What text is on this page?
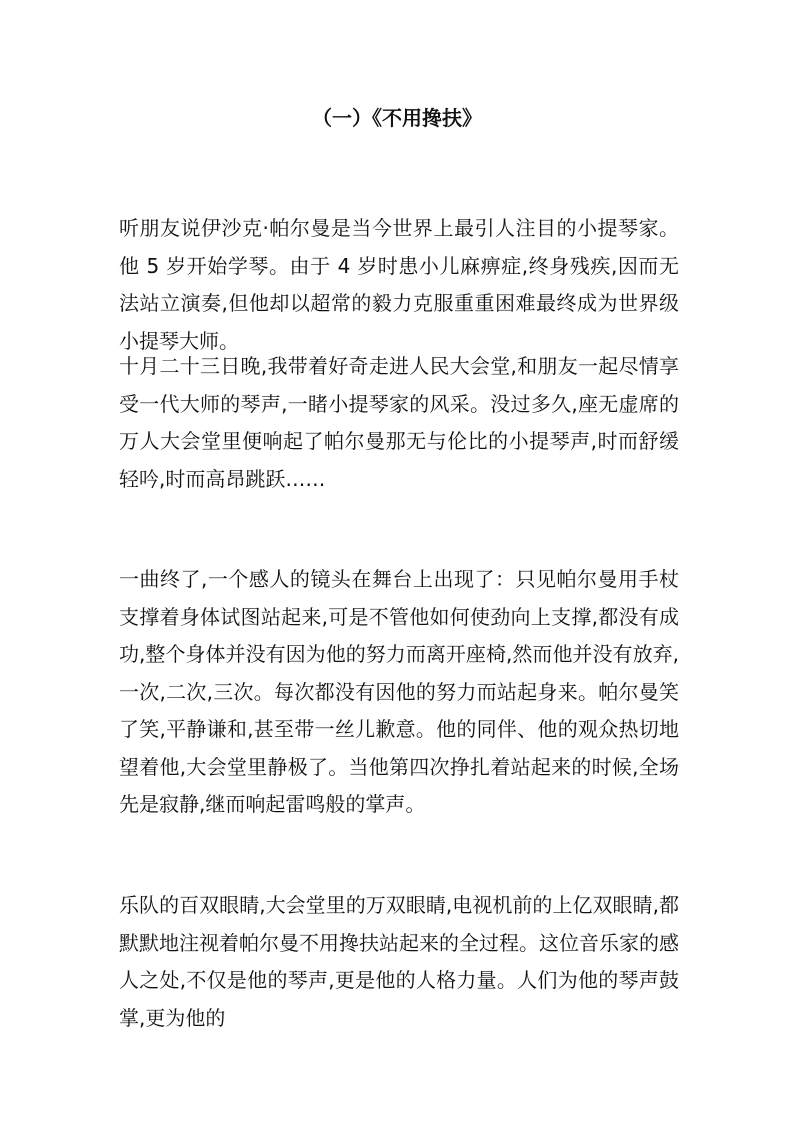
（一）《不用搀扶》

听朋友说伊沙克·帕尔曼是当今世界上最引人注目的小提琴家。他 5 岁开始学琴。由于 4 岁时患小儿麻痹症,终身残疾,因而无法站立演奏,但他却以超常的毅力克服重重困难最终成为世界级小提琴大师。

十月二十三日晚,我带着好奇走进人民大会堂,和朋友一起尽情享受一代大师的琴声,一睹小提琴家的风采。没过多久,座无虚席的万人大会堂里便响起了帕尔曼那无与伦比的小提琴声,时而舒缓轻吟,时而高昂跳跃……

一曲终了,一个感人的镜头在舞台上出现了：只见帕尔曼用手杖支撑着身体试图站起来,可是不管他如何使劲向上支撑,都没有成功,整个身体并没有因为他的努力而离开座椅,然而他并没有放弃,一次,二次,三次。每次都没有因他的努力而站起身来。帕尔曼笑了笑,平静谦和,甚至带一丝儿歉意。他的同伴、他的观众热切地望着他,大会堂里静极了。当他第四次挣扎着站起来的时候,全场先是寂静,继而响起雷鸣般的掌声。

乐队的百双眼睛,大会堂里的万双眼睛,电视机前的上亿双眼睛,都默默地注视着帕尔曼不用搀扶站起来的全过程。这位音乐家的感人之处,不仅是他的琴声,更是他的人格力量。人们为他的琴声鼓掌,更为他的
